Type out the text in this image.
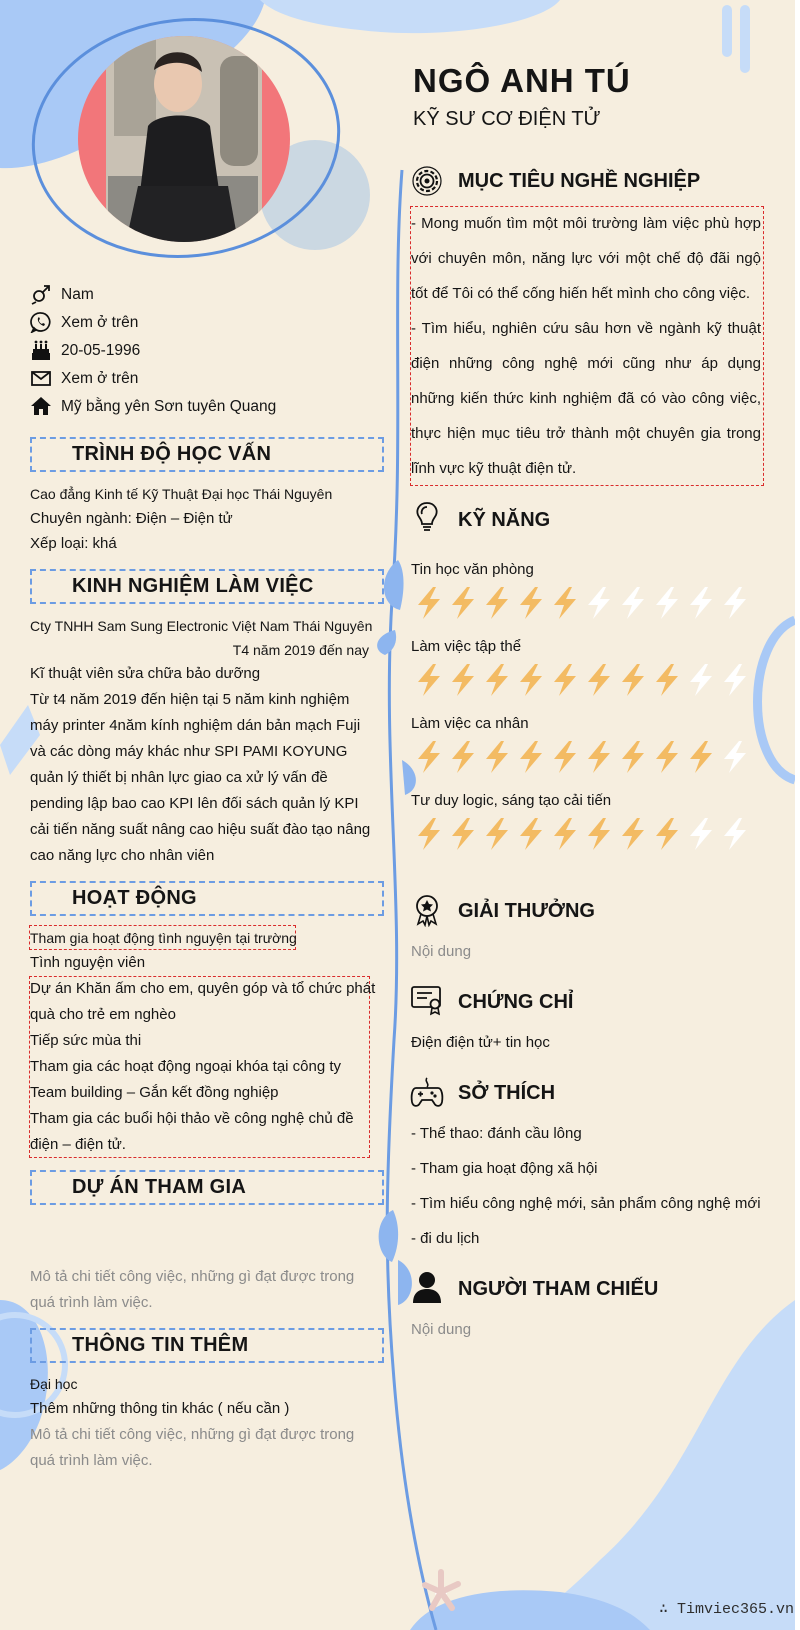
NGÔ ANH TÚ
KỸ SƯ CƠ ĐIỆN TỬ
Nam
Xem ở trên
20-05-1996
Xem ở trên
Mỹ bằng yên Sơn tuyên Quang
TRÌNH ĐỘ HỌC VẤN
Cao đẳng Kinh tế Kỹ Thuật Đại học Thái Nguyên
Chuyên ngành: Điện – Điện tử
Xếp loại: khá
KINH NGHIỆM LÀM VIỆC
Cty TNHH Sam Sung Electronic Việt Nam Thái Nguyên
T4 năm 2019 đến nay
Kĩ thuật viên sửa chữa bảo dưỡng
Từ t4 năm 2019 đến hiện tại 5 năm kinh nghiệm
máy printer 4năm kính nghiệm dán bản mạch Fuji
và các dòng máy khác như SPI PAMI KOYUNG
quản lý thiết bị nhân lực giao ca xử lý vấn đề
pending lập bao cao KPI lên đối sách quản lý KPI
cải tiến năng suất nâng cao hiệu suất đào tạo nâng
cao năng lực cho nhân viên
HOẠT ĐỘNG
Tham gia hoạt động tình nguyện tại trường
Tình nguyện viên
Dự án Khăn ấm cho em, quyên góp và tổ chức phát
quà cho trẻ em nghèo
Tiếp sức mùa thi
Tham gia các hoạt động ngoại khóa tại công ty
Team building – Gắn kết đồng nghiệp
Tham gia các buổi hội thảo về công nghệ chủ đề
điện – điện tử.
DỰ ÁN THAM GIA
Mô tả chi tiết công việc, những gì đạt được trong
quá trình làm việc.
THÔNG TIN THÊM
Đại học
Thêm những thông tin khác ( nếu cần )
Mô tả chi tiết công việc, những gì đạt được trong
quá trình làm việc.
MỤC TIÊU NGHỀ NGHIỆP
- Mong muốn tìm một môi trường làm việc phù hợp với chuyên môn, năng lực với một chế độ đãi ngộ tốt để Tôi có thể cống hiến hết mình cho công việc.
- Tìm hiểu, nghiên cứu sâu hơn về ngành kỹ thuật điện những công nghệ mới cũng như áp dụng những kiến thức kinh nghiệm đã có vào công việc, thực hiện mục tiêu trở thành một chuyên gia trong lĩnh vực kỹ thuật điện tử.
KỸ NĂNG
Tin học văn phòng
Làm việc tập thể
Làm việc ca nhân
Tư duy logic, sáng tạo cải tiến
GIẢI THƯỞNG
Nội dung
CHỨNG CHỈ
Điện điện tử+ tin học
SỞ THÍCH
- Thể thao: đánh cầu lông
- Tham gia hoạt động xã hội
- Tìm hiểu công nghệ mới, sản phẩm công nghệ mới
- đi du lịch
NGƯỜI THAM CHIẾU
Nội dung
∴ Timviec365.vn
